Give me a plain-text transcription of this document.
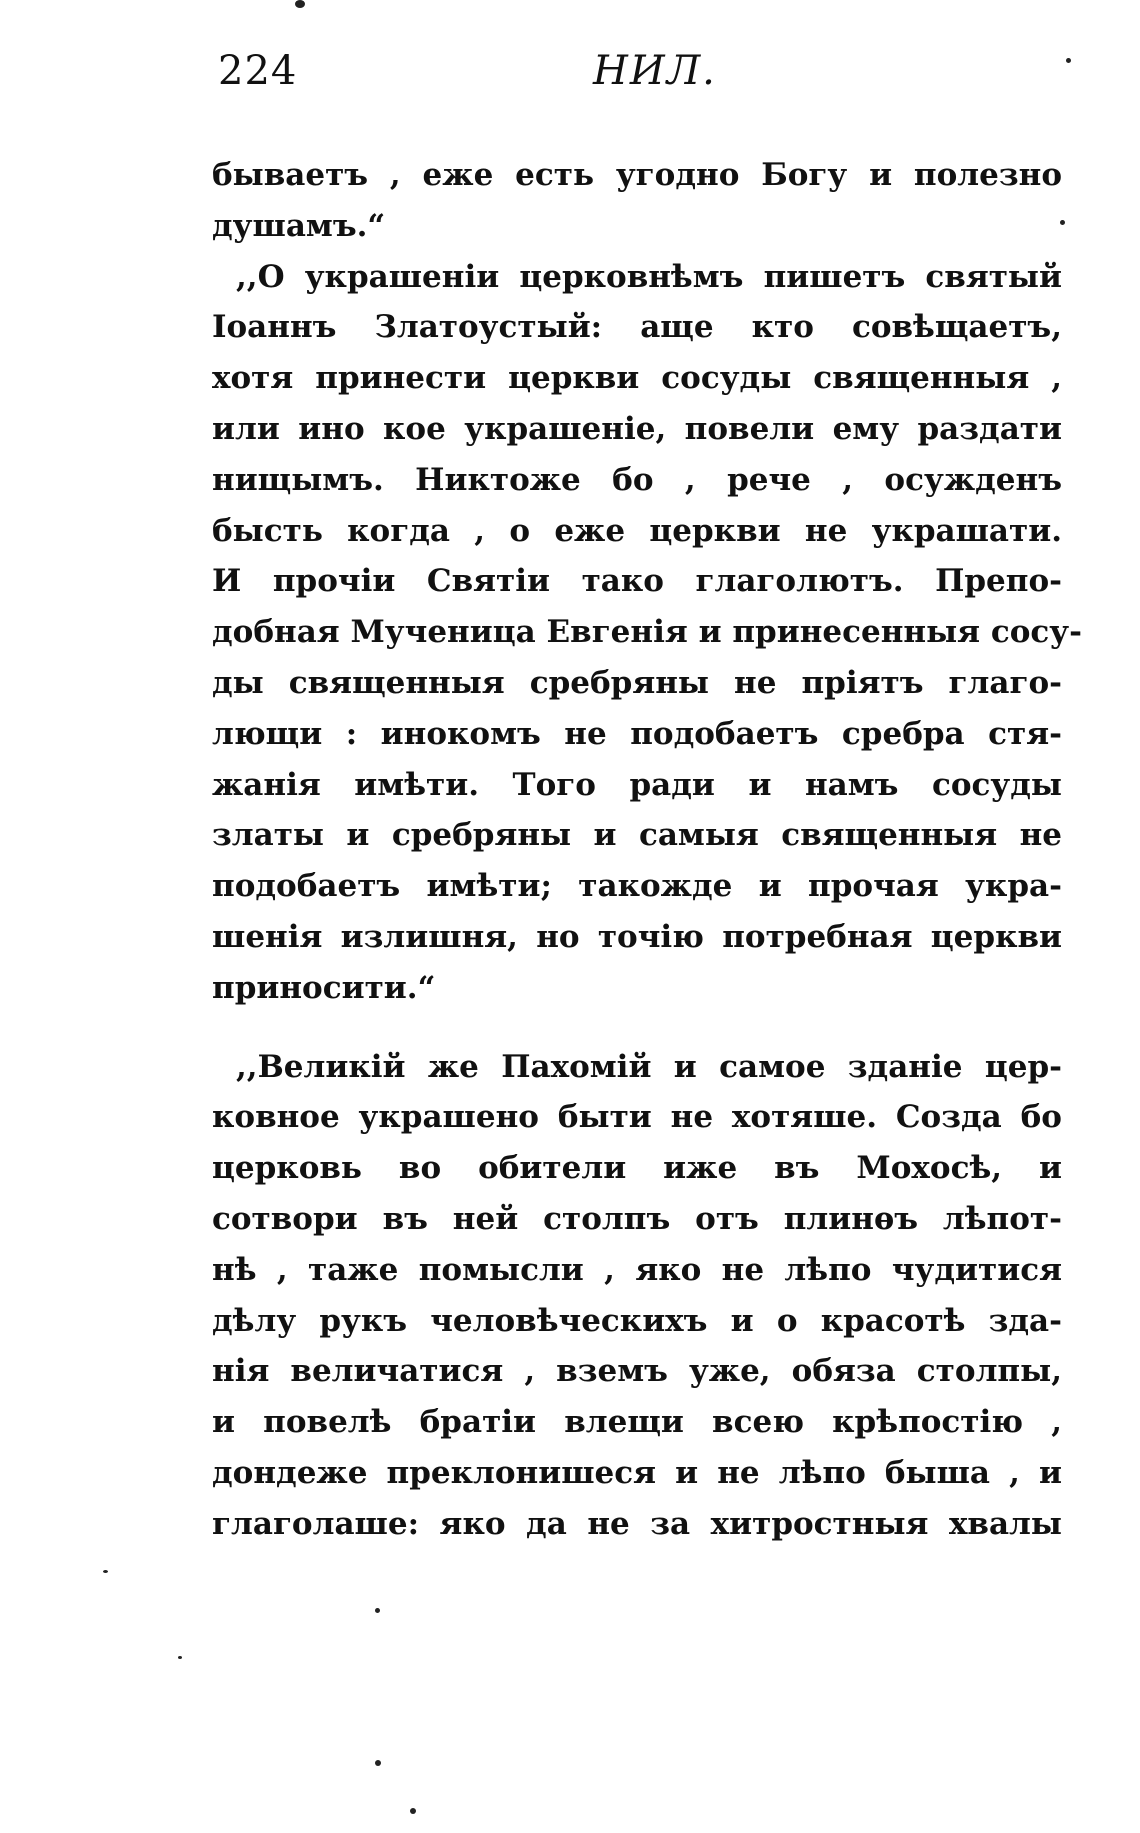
224	НИЛ.
бываетъ , еже есть угодно Богу и полезно
душамъ.“
,,О украшеніи церковнѣмъ пишетъ святый
Іоаннъ Златоустый: аще кто совѣщаетъ,
хотя принести церкви сосуды священныя ,
или ино кое украшеніе, повели ему раздати
нищымъ. Никтоже бо , рече , осужденъ
бысть когда , о еже церкви не украшати.
И прочіи Святіи тако глаголютъ. Препо-
добная Мученица Евгенія и принесенныя сосу-
ды священныя сребряны не пріятъ глаго-
лющи : инокомъ не подобаетъ сребра стя-
жанія имѣти. Того ради и намъ сосуды
златы и сребряны и самыя священныя не
подобаетъ имѣти; такожде и прочая укра-
шенія излишня, но точію потребная церкви
приносити.“
,,Великій же Пахомій и самое зданіе цер-
ковное украшено быти не хотяше. Созда бо
церковь во обители иже въ Мохосѣ, и
сотвори въ ней столпъ отъ плинѳъ лѣпот-
нѣ , таже помысли , яко не лѣпо чудитися
дѣлу рукъ человѣческихъ и о красотѣ зда-
нія величатися , вземъ уже, обяза столпы,
и повелѣ братіи влещи всею крѣпостію ,
дондеже преклонишеся и не лѣпо быша , и
глаголаше: яко да не за хитростныя хвалы
